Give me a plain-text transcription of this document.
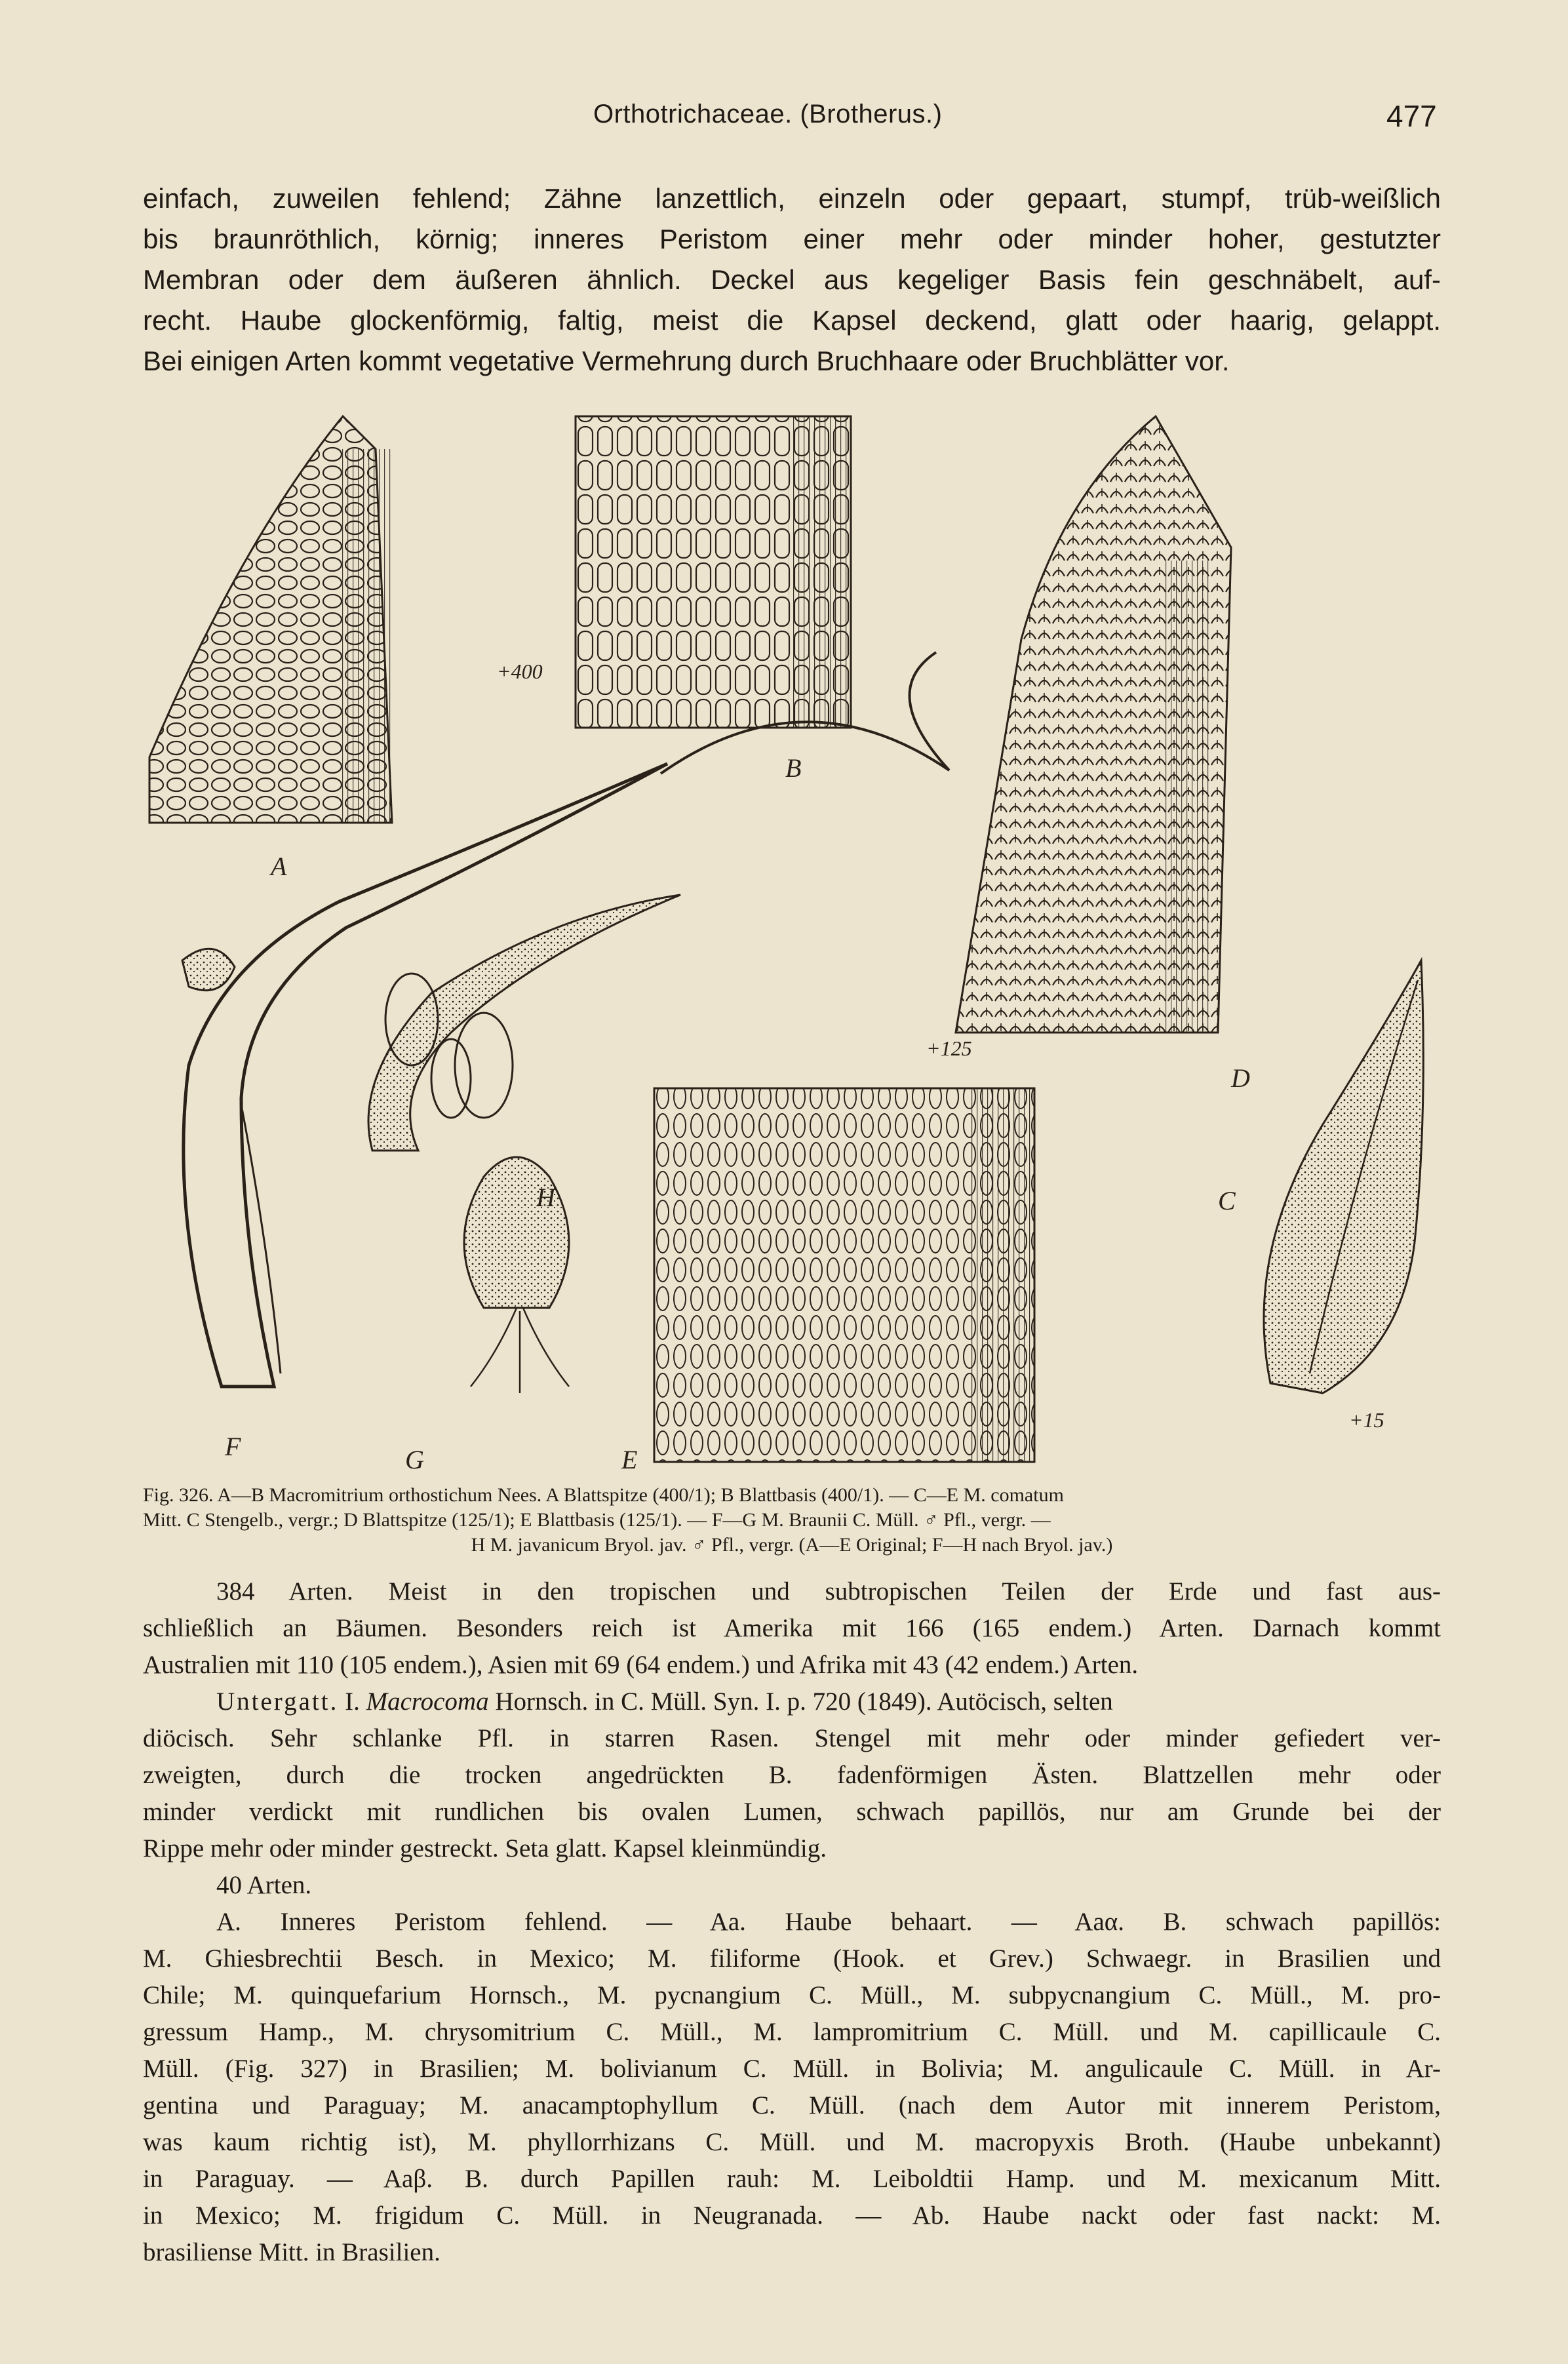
Orthotrichaceae. (Brotherus.)	477
einfach, zuweilen fehlend; Zähne lanzettlich, einzeln oder gepaart, stumpf, trüb-weißlich
bis braunröthlich, körnig; inneres Peristom einer mehr oder minder hoher, gestutzter
Membran oder dem äußeren ähnlich. Deckel aus kegeliger Basis fein geschnäbelt, auf-
recht. Haube glockenförmig, faltig, meist die Kapsel deckend, glatt oder haarig, gelappt.
Bei einigen Arten kommt vegetative Vermehrung durch Bruchhaare oder Bruchblätter vor.
A
B
C
D
E
F	G
H
+400
+125
+15
Fig. 326. A—B Macromitrium orthostichum Nees. A Blattspitze (400/1); B Blattbasis (400/1). — C—E M. comatum
Mitt. C Stengelb., vergr.; D Blattspitze (125/1); E Blattbasis (125/1). — F—G M. Braunii C. Müll. ♂ Pfl., vergr. —
H M. javanicum Bryol. jav. ♂ Pfl., vergr. (A—E Original; F—H nach Bryol. jav.)
384 Arten. Meist in den tropischen und subtropischen Teilen der Erde und fast aus-
schließlich an Bäumen. Besonders reich ist Amerika mit 166 (165 endem.) Arten. Darnach kommt
Australien mit 110 (105 endem.), Asien mit 69 (64 endem.) und Afrika mit 43 (42 endem.) Arten.
Untergatt. I. Macrocoma Hornsch. in C. Müll. Syn. I. p. 720 (1849). Autöcisch, selten
diöcisch. Sehr schlanke Pfl. in starren Rasen. Stengel mit mehr oder minder gefiedert ver-
zweigten, durch die trocken angedrückten B. fadenförmigen Ästen. Blattzellen mehr oder
minder verdickt mit rundlichen bis ovalen Lumen, schwach papillös, nur am Grunde bei der
Rippe mehr oder minder gestreckt. Seta glatt. Kapsel kleinmündig.
40 Arten.
A. Inneres Peristom fehlend. — Aa. Haube behaart. — Aaα. B. schwach papillös:
M. Ghiesbrechtii Besch. in Mexico; M. filiforme (Hook. et Grev.) Schwaegr. in Brasilien und
Chile; M. quinquefarium Hornsch., M. pycnangium C. Müll., M. subpycnangium C. Müll., M. pro-
gressum Hamp., M. chrysomitrium C. Müll., M. lampromitrium C. Müll. und M. capillicaule C.
Müll. (Fig. 327) in Brasilien; M. bolivianum C. Müll. in Bolivia; M. angulicaule C. Müll. in Ar-
gentina und Paraguay; M. anacamptophyllum C. Müll. (nach dem Autor mit innerem Peristom,
was kaum richtig ist), M. phyllorrhizans C. Müll. und M. macropyxis Broth. (Haube unbekannt)
in Paraguay. — Aaβ. B. durch Papillen rauh: M. Leiboldtii Hamp. und M. mexicanum Mitt.
in Mexico; M. frigidum C. Müll. in Neugranada. — Ab. Haube nackt oder fast nackt: M.
brasiliense Mitt. in Brasilien.
